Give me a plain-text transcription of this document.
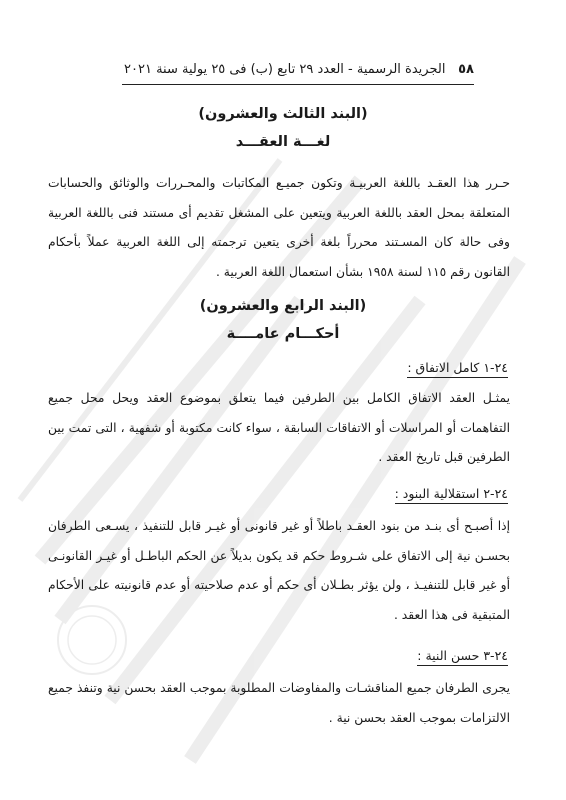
٥٨
الجريدة الرسمية - العدد ٢٩ تابع (ب) فى ٢٥ يولية سنة ٢٠٢١
(البند الثالث والعشرون)
لغـــة العقـــد
حـرر هذا العقـد باللغة العربيـة وتكون جميـع المكاتبات والمحـررات والوثائق والحسابات المتعلقة بمحل العقد باللغة العربية ويتعين على المشغل تقديم أى مستند فنى باللغة العربية وفى حالة كان المسـتند محرراً بلغة أخرى يتعين ترجمته إلى اللغة العربية عملاً بأحكام القانون رقم ١١٥ لسنة ١٩٥٨ بشأن استعمال اللغة العربية .
(البند الرابع والعشرون)
أحكـــام عامــــة
٢٤-١ كامل الاتفاق :
يمثـل العقد الاتفاق الكامل بين الطرفين فيما يتعلق بموضوع العقد ويحل محل جميع التفاهمات أو المراسلات أو الاتفاقات السابقة ، سواء كانت مكتوبة أو شفهية ، التى تمت بين الطرفين قبل تاريخ العقد .
٢٤-٢ استقلالية البنود :
إذا أصبـح أى بنـد من بنود العقـد باطلاً أو غير قانونى أو غيـر قابل للتنفيذ ، يسـعى الطرفان بحسـن نية إلى الاتفاق على شـروط حكم قد يكون بديلاً عن الحكم الباطـل أو غيـر القانونـى أو غير قابل للتنفيـذ ، ولن يؤثر بطـلان أى حكم أو عدم صلاحيته أو عدم قانونيته على الأحكام المتبقية فى هذا العقد .
٢٤-٣ حسن النية :
يجرى الطرفان جميع المناقشـات والمفاوضات المطلوبة بموجب العقد بحسن نية وتنفذ جميع الالتزامات بموجب العقد بحسن نية .
